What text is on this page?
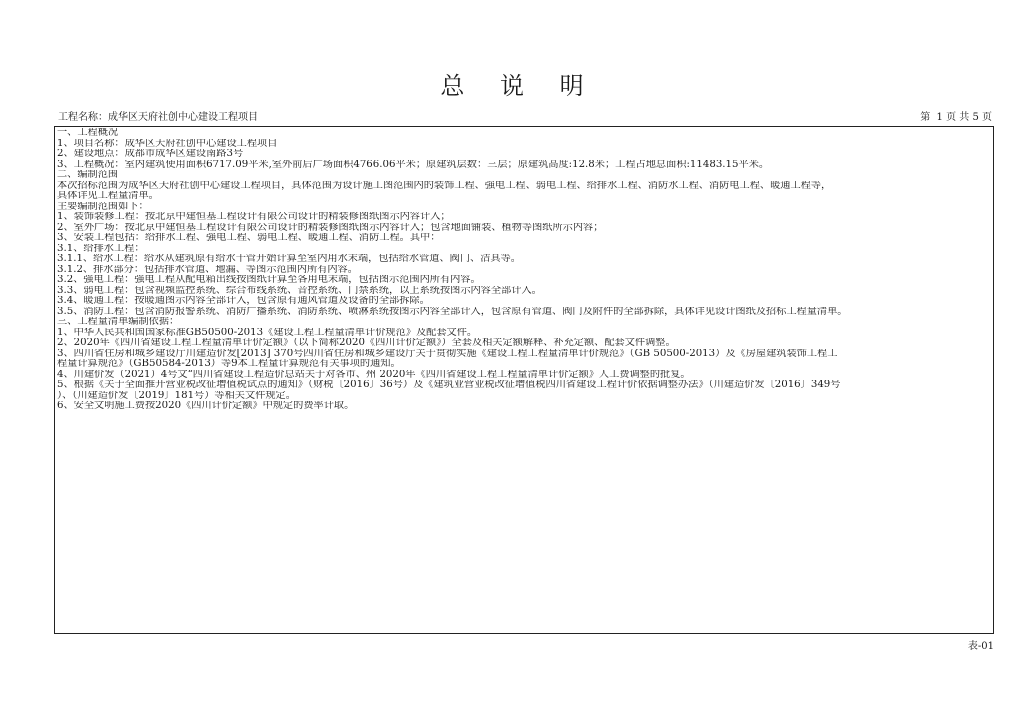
总 说 明
工程名称：成华区天府社创中心建设工程项目	第  1 页 共 5 页
一、工程概况
1、项目名称：成华区天府社创中心建设工程项目
2、建设地点：成都市成华区建设南路3号
3、工程概况：室内建筑使用面积6717.09平米,室外前后广场面积4766.06平米；原建筑层数：三层；原建筑高度:12.8米；工程占地总面积:11483.15平米。
二、编制范围
本次招标范围为成华区天府社创中心建设工程项目，具体范围为设计施工图范围内的装饰工程、强电工程、弱电工程、给排水工程、消防水工程、消防电工程、暖通工程等，
具体详见工程量清单。
主要编制范围如下：
1、装饰装修工程：按北京中建恒基工程设计有限公司设计的精装修图纸图示内容计入；
2、室外广场：按北京中建恒基工程设计有限公司设计的精装修图纸图示内容计入；包含地面铺装、植物等图纸所示内容；
3、安装工程包括：给排水工程、强电工程、弱电工程、暖通工程、消防工程。其中：
3.1、给排水工程：
3.1.1、给水工程：给水从建筑原有给水干管开始计算至室内用水末端，包括给水管道、阀门、洁具等。
3.1.2、排水部分：包括排水管道、地漏、等图示范围内所有内容。
3.2、强电工程：强电工程从配电箱出线按图纸计算至各用电末端，包括图示范围内所有内容。
3.3、弱电工程：包含视频监控系统、综合布线系统、音控系统、门禁系统，以上系统按图示内容全部计入。
3.4、暖通工程：按暖通图示内容全部计入，包含原有通风管道及设备的全部拆除。
3.5、消防工程：包含消防报警系统、消防广播系统、消防系统、喷淋系统按图示内容全部计入，包含原有管道、阀门及附件的全部拆除，具体详见设计图纸及招标工程量清单。
三、工程量清单编制依据：
1、中华人民共和国国家标准GB50500-2013《建设工程工程量清单计价规范》及配套文件。
2、2020年《四川省建设工程工程量清单计价定额》（以下简称2020《四川计价定额》）全套及相关定额解释、补充定额、配套文件调整。
3、四川省住房和城乡建设厅川建造价发[2013] 370号四川省住房和城乡建设厅关于贯彻实施《建设工程工程量清单计价规范》（GB 50500-2013）及《房屋建筑装饰工程工
程量计算规范》（GB50584-2013）等9本工程量计算规范有关事项的通知。
4、川建价发（2021）4号文“四川省建设工程造价总站关于对各市、州 2020年《四川省建设工程工程量清单计价定额》人工费调整的批复。
5、根据《关于全面推开营业税改征增值税试点的通知》（财税〔2016〕36号）及《建筑业营业税改征增值税四川省建设工程计价依据调整办法》（川建造价发〔2016〕349号
）、（川建造价发〔2019〕181号）等相关文件规定。
6、安全文明施工费按2020《四川计价定额》中规定的费率计取。
表-01
